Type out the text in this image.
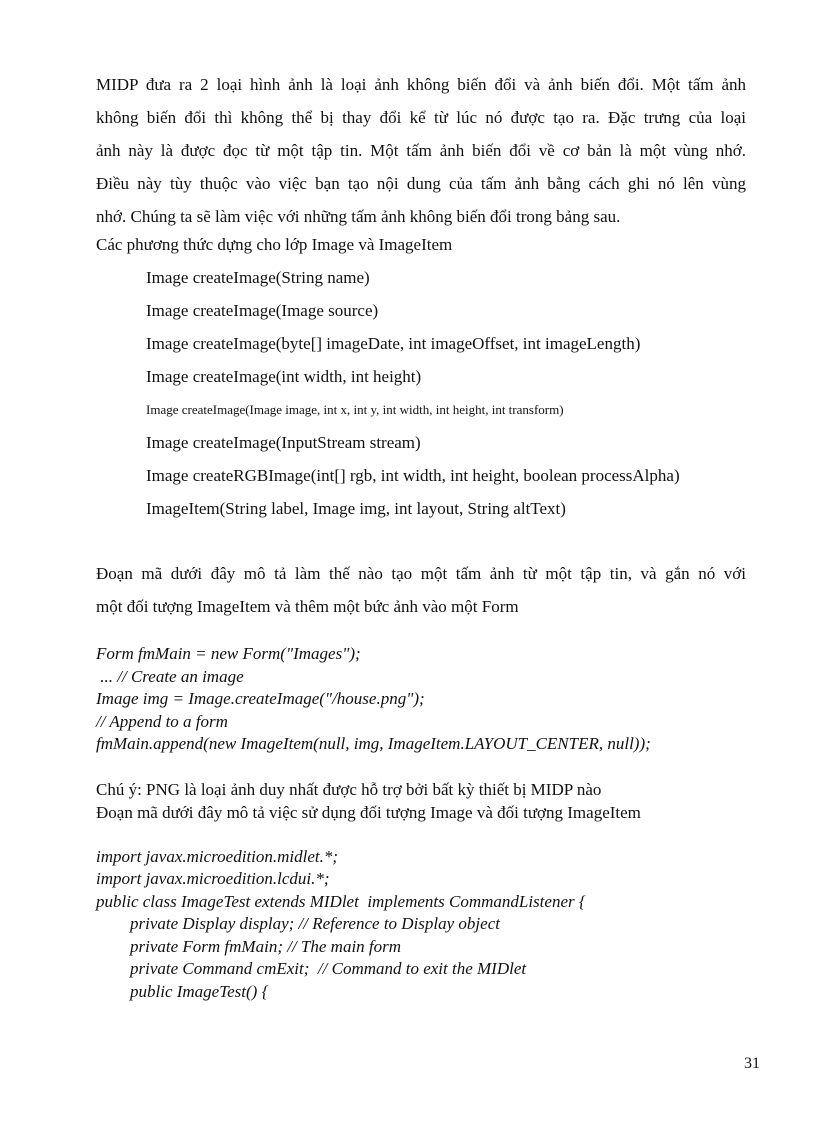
MIDP đưa ra 2 loại hình ảnh là loại ảnh không biến đổi và ảnh biến đổi. Một tấm ảnh
không biến đổi thì không thể bị thay đổi kể từ lúc nó được tạo ra. Đặc trưng của loại
ảnh này là được đọc từ một tập tin. Một tấm ảnh biến đổi về cơ bản là một vùng nhớ.
Điều này tùy thuộc vào việc bạn tạo nội dung của tấm ảnh bằng cách ghi nó lên vùng
nhớ. Chúng ta sẽ làm việc với những tấm ảnh không biến đổi trong bảng sau.
Các phương thức dựng cho lớp Image và ImageItem
Image createImage(String name)
Image createImage(Image source)
Image createImage(byte[] imageDate, int imageOffset, int imageLength)
Image createImage(int width, int height)
Image createImage(Image image, int x, int y, int width, int height, int transform)
Image createImage(InputStream stream)
Image createRGBImage(int[] rgb, int width, int height, boolean processAlpha)
ImageItem(String label, Image img, int layout, String altText)
Đoạn mã dưới đây mô tả làm thế nào tạo một tấm ảnh từ một tập tin, và gắn nó với
một đối tượng ImageItem và thêm một bức ảnh vào một Form
Form fmMain = new Form("Images");
... // Create an image
Image img = Image.createImage("/house.png");
// Append to a form
fmMain.append(new ImageItem(null, img, ImageItem.LAYOUT_CENTER, null));
Chú ý: PNG là loại ảnh duy nhất được hỗ trợ bởi bất kỳ thiết bị MIDP nào
Đoạn mã dưới đây mô tả việc sử dụng đối tượng Image và đối tượng ImageItem
import javax.microedition.midlet.*;
import javax.microedition.lcdui.*;
public class ImageTest extends MIDlet  implements CommandListener {
private Display display; // Reference to Display object
private Form fmMain; // The main form
private Command cmExit;  // Command to exit the MIDlet
public ImageTest() {
31
